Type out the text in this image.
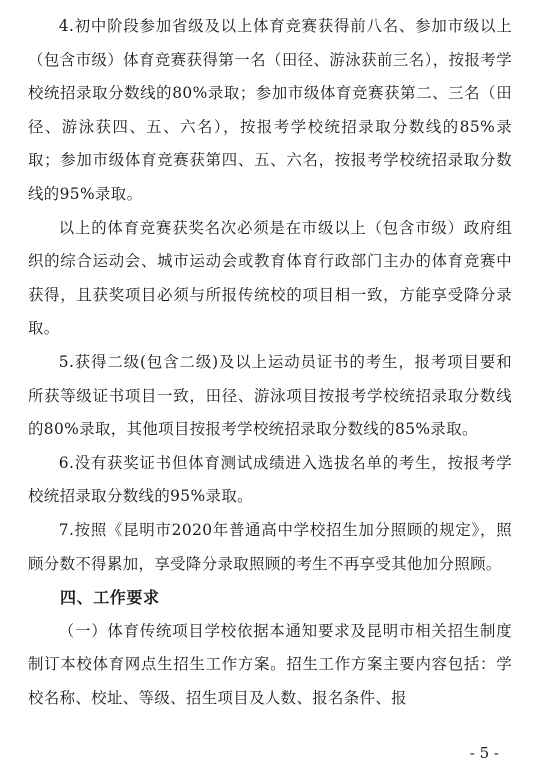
4.初中阶段参加省级及以上体育竞赛获得前八名、参加市级以上（包含市级）体育竞赛获得第一名（田径、游泳获前三名），按报考学校统招录取分数线的80%录取；参加市级体育竞赛获第二、三名（田径、游泳获四、五、六名），按报考学校统招录取分数线的85%录取；参加市级体育竞赛获第四、五、六名，按报考学校统招录取分数线的95%录取。

以上的体育竞赛获奖名次必须是在市级以上（包含市级）政府组织的综合运动会、城市运动会或教育体育行政部门主办的体育竞赛中获得，且获奖项目必须与所报传统校的项目相一致，方能享受降分录取。

5.获得二级(包含二级)及以上运动员证书的考生，报考项目要和所获等级证书项目一致，田径、游泳项目按报考学校统招录取分数线的80%录取，其他项目按报考学校统招录取分数线的85%录取。

6.没有获奖证书但体育测试成绩进入选拔名单的考生，按报考学校统招录取分数线的95%录取。

7.按照《昆明市2020年普通高中学校招生加分照顾的规定》，照顾分数不得累加，享受降分录取照顾的考生不再享受其他加分照顾。

四、工作要求

（一）体育传统项目学校依据本通知要求及昆明市相关招生制度制订本校体育网点生招生工作方案。招生工作方案主要内容包括：学校名称、校址、等级、招生项目及人数、报名条件、报

- 5 -
